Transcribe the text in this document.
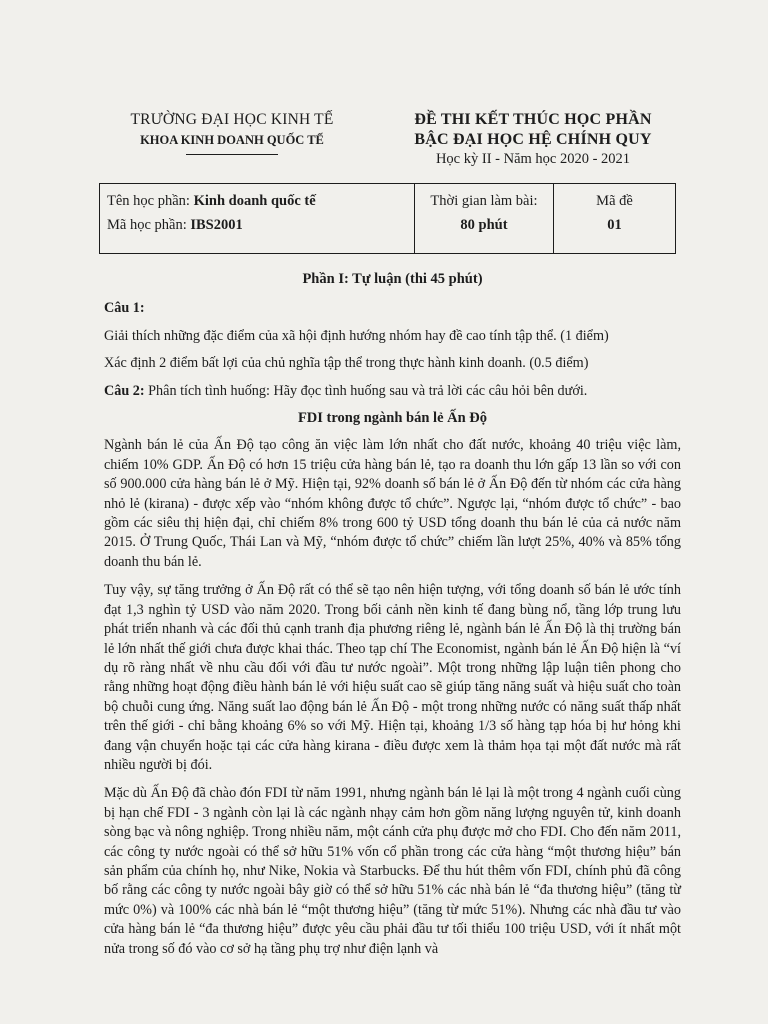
TRƯỜNG ĐẠI HỌC KINH TẾ
KHOA KINH DOANH QUỐC TẾ
ĐỀ THI KẾT THÚC HỌC PHẦN
BẬC ĐẠI HỌC HỆ CHÍNH QUY
Học kỳ II - Năm học 2020 - 2021
Tên học phần: Kinh doanh quốc tế
Mã học phần: IBS2001

Thời gian làm bài:
80 phút

Mã đề
01
Phần I: Tự luận (thi 45 phút)
Câu 1:
Giải thích những đặc điểm của xã hội định hướng nhóm hay đề cao tính tập thể. (1 điểm)
Xác định 2 điểm bất lợi của chủ nghĩa tập thể trong thực hành kinh doanh. (0.5 điểm)
Câu 2: Phân tích tình huống: Hãy đọc tình huống sau và trả lời các câu hỏi bên dưới.
FDI trong ngành bán lẻ Ấn Độ

Ngành bán lẻ của Ấn Độ tạo công ăn việc làm lớn nhất cho đất nước, khoảng 40 triệu việc làm, chiếm 10% GDP. Ấn Độ có hơn 15 triệu cửa hàng bán lẻ, tạo ra doanh thu lớn gấp 13 lần so với con số 900.000 cửa hàng bán lẻ ở Mỹ. Hiện tại, 92% doanh số bán lẻ ở Ấn Độ đến từ nhóm các cửa hàng nhỏ lẻ (kirana) - được xếp vào “nhóm không được tổ chức”. Ngược lại, “nhóm được tổ chức” - bao gồm các siêu thị hiện đại, chỉ chiếm 8% trong 600 tỷ USD tổng doanh thu bán lẻ của cả nước năm 2015. Ở Trung Quốc, Thái Lan và Mỹ, “nhóm được tổ chức” chiếm lần lượt 25%, 40% và 85% tổng doanh thu bán lẻ.

Tuy vậy, sự tăng trưởng ở Ấn Độ rất có thể sẽ tạo nên hiện tượng, với tổng doanh số bán lẻ ước tính đạt 1,3 nghìn tỷ USD vào năm 2020. Trong bối cảnh nền kinh tế đang bùng nổ, tầng lớp trung lưu phát triển nhanh và các đối thủ cạnh tranh địa phương riêng lẻ, ngành bán lẻ Ấn Độ là thị trường bán lẻ lớn nhất thế giới chưa được khai thác. Theo tạp chí The Economist, ngành bán lẻ Ấn Độ hiện là “ví dụ rõ ràng nhất về nhu cầu đối với đầu tư nước ngoài”. Một trong những lập luận tiên phong cho rằng những hoạt động điều hành bán lẻ với hiệu suất cao sẽ giúp tăng năng suất và hiệu suất cho toàn bộ chuỗi cung ứng. Năng suất lao động bán lẻ Ấn Độ - một trong những nước có năng suất thấp nhất trên thế giới - chỉ bằng khoảng 6% so với Mỹ. Hiện tại, khoảng 1/3 số hàng tạp hóa bị hư hỏng khi đang vận chuyển hoặc tại các cửa hàng kirana - điều được xem là thảm họa tại một đất nước mà rất nhiều người bị đói.

Mặc dù Ấn Độ đã chào đón FDI từ năm 1991, nhưng ngành bán lẻ lại là một trong 4 ngành cuối cùng bị hạn chế FDI - 3 ngành còn lại là các ngành nhạy cảm hơn gồm năng lượng nguyên tử, kinh doanh sòng bạc và nông nghiệp. Trong nhiều năm, một cánh cửa phụ được mở cho FDI. Cho đến năm 2011, các công ty nước ngoài có thể sở hữu 51% vốn cổ phần trong các cửa hàng “một thương hiệu” bán sản phẩm của chính họ, như Nike, Nokia và Starbucks. Để thu hút thêm vốn FDI, chính phủ đã công bố rằng các công ty nước ngoài bây giờ có thể sở hữu 51% các nhà bán lẻ “đa thương hiệu” (tăng từ mức 0%) và 100% các nhà bán lẻ “một thương hiệu” (tăng từ mức 51%). Nhưng các nhà đầu tư vào cửa hàng bán lẻ “đa thương hiệu” được yêu cầu phải đầu tư tối thiểu 100 triệu USD, với ít nhất một nửa trong số đó vào cơ sở hạ tầng phụ trợ như điện lạnh và
